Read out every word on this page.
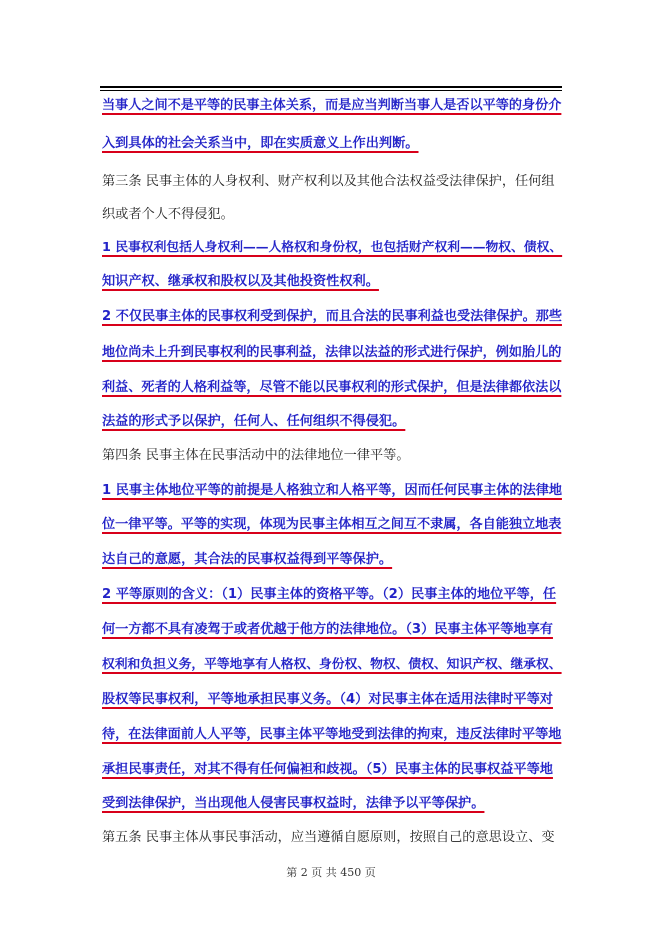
当事人之间不是平等的民事主体关系，而是应当判断当事人是否以平等的身份介
入到具体的社会关系当中，即在实质意义上作出判断。
第三条 民事主体的人身权利、财产权利以及其他合法权益受法律保护，任何组
织或者个人不得侵犯。
1 民事权利包括人身权利——人格权和身份权，也包括财产权利——物权、债权、
知识产权、继承权和股权以及其他投资性权利。
2 不仅民事主体的民事权利受到保护，而且合法的民事利益也受法律保护。那些
地位尚未上升到民事权利的民事利益，法律以法益的形式进行保护，例如胎儿的
利益、死者的人格利益等，尽管不能以民事权利的形式保护，但是法律都依法以
法益的形式予以保护，任何人、任何组织不得侵犯。
第四条 民事主体在民事活动中的法律地位一律平等。
1 民事主体地位平等的前提是人格独立和人格平等，因而任何民事主体的法律地
位一律平等。平等的实现，体现为民事主体相互之间互不隶属，各自能独立地表
达自己的意愿，其合法的民事权益得到平等保护。
2 平等原则的含义：（1）民事主体的资格平等。（2）民事主体的地位平等，任
何一方都不具有凌驾于或者优越于他方的法律地位。（3）民事主体平等地享有
权利和负担义务，平等地享有人格权、身份权、物权、债权、知识产权、继承权、
股权等民事权利，平等地承担民事义务。（4）对民事主体在适用法律时平等对
待，在法律面前人人平等，民事主体平等地受到法律的拘束，违反法律时平等地
承担民事责任，对其不得有任何偏袒和歧视。（5）民事主体的民事权益平等地
受到法律保护，当出现他人侵害民事权益时，法律予以平等保护。
第五条 民事主体从事民事活动，应当遵循自愿原则，按照自己的意思设立、变
第 2 页 共 450 页
